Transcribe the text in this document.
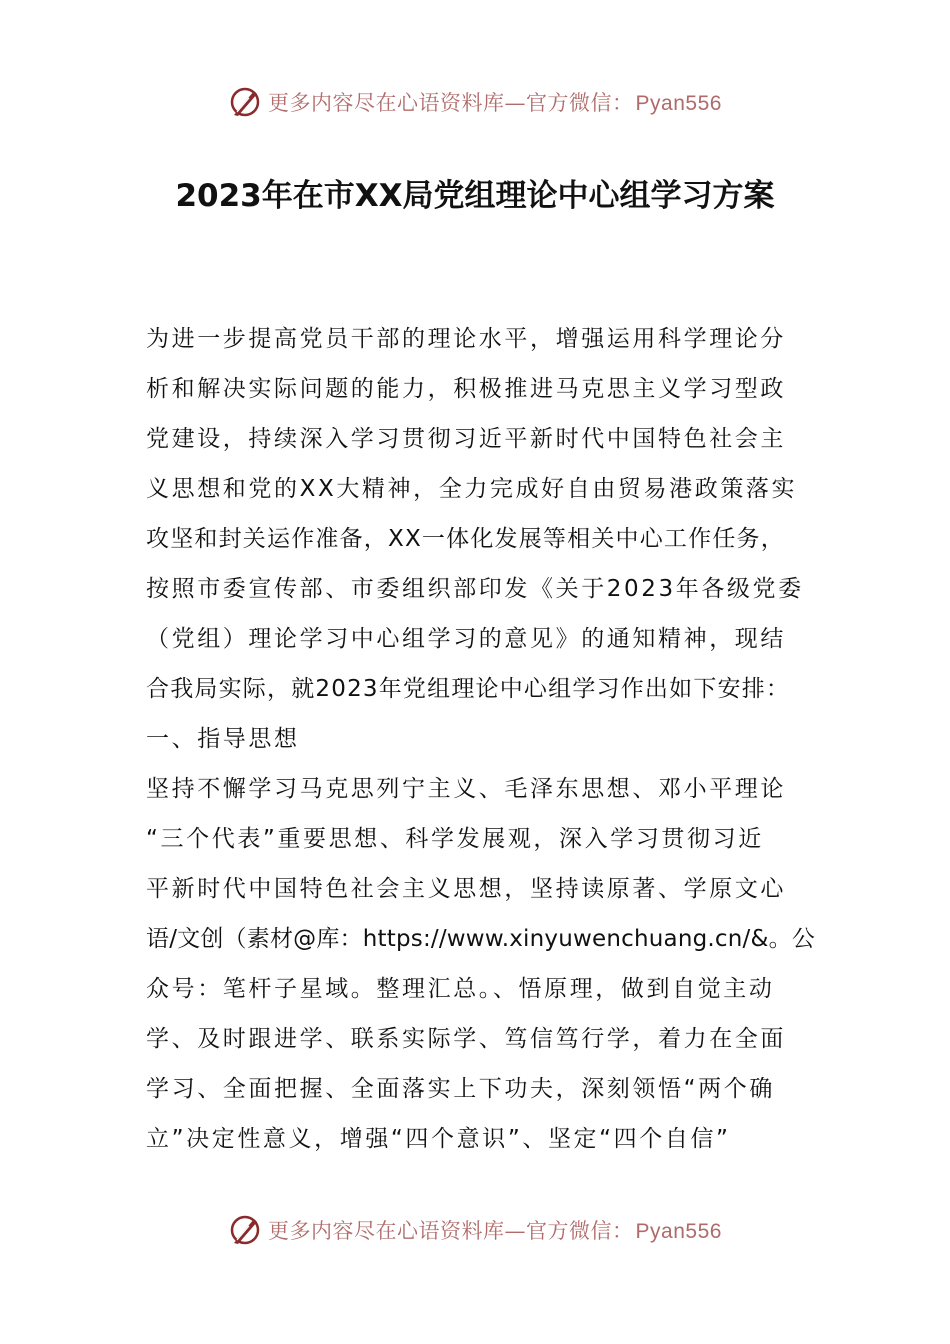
更多内容尽在心语资料库—官方微信：Pyan556
2023年在市XX局党组理论中心组学习方案
为进一步提高党员干部的理论水平，增强运用科学理论分
析和解决实际问题的能力，积极推进马克思主义学习型政
党建设，持续深入学习贯彻习近平新时代中国特色社会主
义思想和党的XX大精神，全力完成好自由贸易港政策落实
攻坚和封关运作准备，XX一体化发展等相关中心工作任务，
按照市委宣传部、市委组织部印发《关于2023年各级党委
（党组）理论学习中心组学习的意见》的通知精神，现结
合我局实际，就2023年党组理论中心组学习作出如下安排：
一、指导思想
坚持不懈学习马克思列宁主义、毛泽东思想、邓小平理论
“三个代表”重要思想、科学发展观，深入学习贯彻习近
平新时代中国特色社会主义思想，坚持读原著、学原文心
语/文创（素材@库：https://www.xinyuwenchuang.cn/&。公
众号：笔杆子星域。整理汇总。、悟原理，做到自觉主动
学、及时跟进学、联系实际学、笃信笃行学，着力在全面
学习、全面把握、全面落实上下功夫，深刻领悟“两个确
立”决定性意义，增强“四个意识”、坚定“四个自信”
更多内容尽在心语资料库—官方微信：Pyan556
